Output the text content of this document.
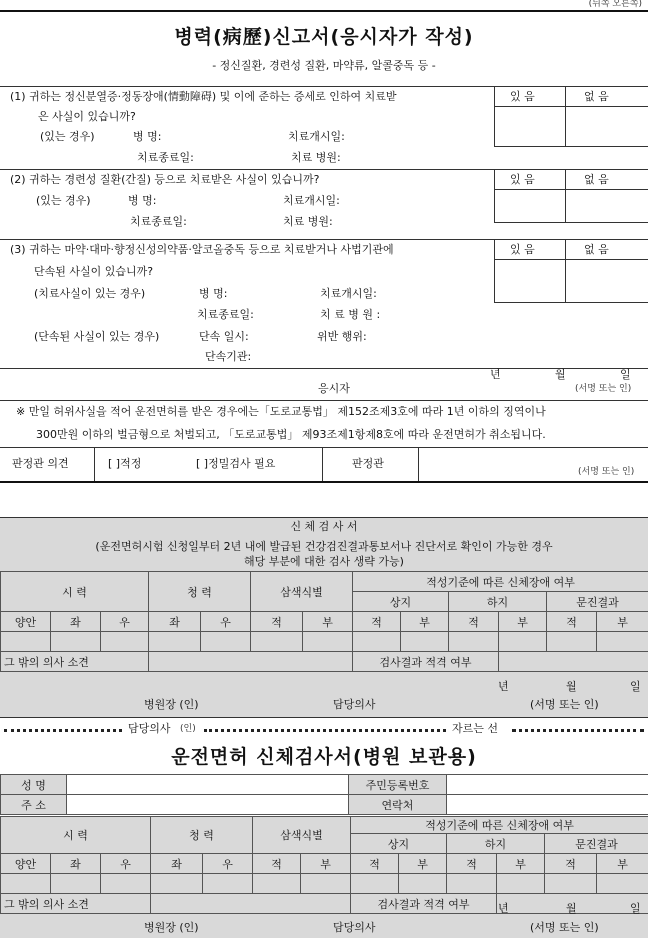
(뒤쪽 오른쪽)
병력(病歷)신고서(응시자가 작성)
- 정신질환, 경련성 질환, 마약류, 알콜중독 등 -
있 음	없 음
(1) 귀하는 정신분열증·정동장애(情動障碍) 및 이에 준하는 증세로 인하여 치료받
은 사실이 있습니까?
(있는 경우)	병 명:	치료개시일:
치료종료일:	치료 병원:
있 음	없 음
(2) 귀하는 경련성 질환(간질) 등으로 치료받은 사실이 있습니까?
(있는 경우)	병 명:	치료개시일:
치료종료일:	치료 병원:
있 음	없 음
(3) 귀하는 마약·대마·향정신성의약품·알코올중독 등으로 치료받거나 사법기관에
단속된 사실이 있습니까?
(치료사실이 있는 경우)	병 명:	치료개시일:
치료종료일:	치 료 병 원 :
(단속된 사실이 있는 경우)	단속 일시:	위반 행위:
단속기관:
년	월	일
응시자	(서명 또는 인)
※ 만일 허위사실을 적어 운전면허를 받은 경우에는「도로교통법」 제152조제3호에 따라 1년 이하의 징역이나
300만원 이하의 벌금형으로 처벌되고, 「도로교통법」 제93조제1항제8호에 따라 운전면허가 취소됩니다.
판정관 의견	[ ]적정	[ ]정밀검사 필요	판정관
(서명 또는 인)
신 체 검 사 서
(운전면허시험 신청일부터 2년 내에 발급된 건강검진결과통보서나 진단서로 확인이 가능한 경우
해당 부분에 대한 검사 생략 가능)
시 력			청 력		삼색식별		적성기준에 따른 신체장애 여부					
							상지		하지		문진결과	
양안	좌	우	좌	우	적	부	적	부	적	부	적	부

그 밖의 의사 소견							검사결과 적격 여부					
년	월	일
병원장 (인)	담당의사	(서명 또는 인)
담당의사 (인)	자르는 선
운전면허 신체검사서(병원 보관용)
성 명		주민등록번호	
주 소		연락처	
시 력			청 력		삼색식별		적성기준에 따른 신체장애 여부					
							상지		하지		문진결과	
양안	좌	우	좌	우	적	부	적	부	적	부	적	부

그 밖의 의사 소견							검사결과 적격 여부						년	월	일
병원장 (인)	담당의사	(서명 또는 인)
